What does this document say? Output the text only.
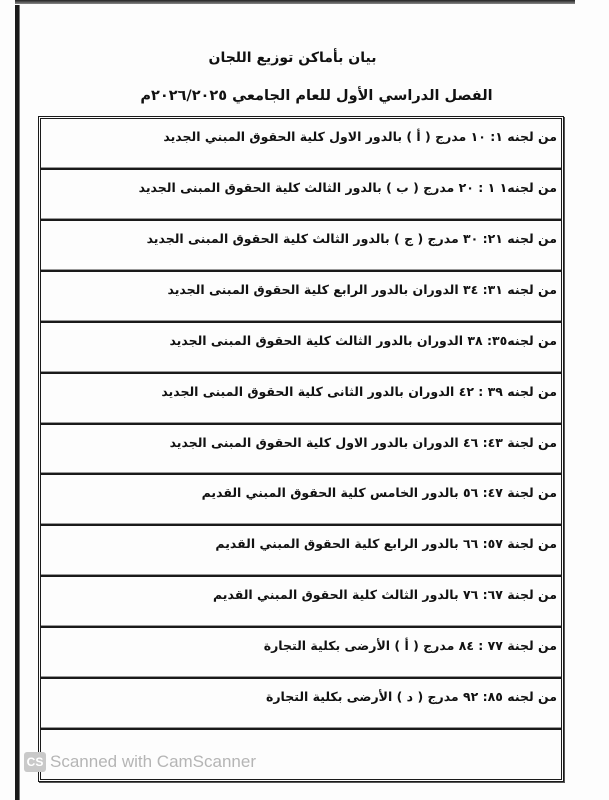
بيان بأماكن توزيع اللجان
الفصل الدراسي الأول للعام الجامعي ٢٠٢٦/٢٠٢٥م
من لجنه ١: ١٠ مدرج ( أ ) بالدور الاول كلية الحقوق المبني الجديد
من لجنه١ ١ : ٢٠ مدرج ( ب ) بالدور الثالث كلية الحقوق المبنى الجديد
من لجنه ٢١: ٣٠ مدرج ( ج ) بالدور الثالث كلية الحقوق المبنى الجديد
من لجنه ٣١: ٣٤ الدوران بالدور الرابع كلية الحقوق المبنى الجديد
من لجنه٣٥: ٣٨ الدوران بالدور الثالث كلية الحقوق المبنى الجديد
من لجنه ٣٩ : ٤٢ الدوران بالدور الثانى كلية الحقوق المبنى الجديد
من لجنة ٤٣: ٤٦ الدوران بالدور الاول كلية الحقوق المبنى الجديد
من لجنة ٤٧: ٥٦ بالدور الخامس كلية الحقوق المبني القديم
من لجنة ٥٧: ٦٦ بالدور الرابع كلية الحقوق المبني القديم
من لجنة ٦٧: ٧٦ بالدور الثالث كلية الحقوق المبني القديم
من لجنة ٧٧ : ٨٤ مدرج ( أ ) الأرضى بكلية التجارة
من لجنه ٨٥: ٩٢ مدرج ( د ) الأرضى بكلية التجارة
CS Scanned with CamScanner
